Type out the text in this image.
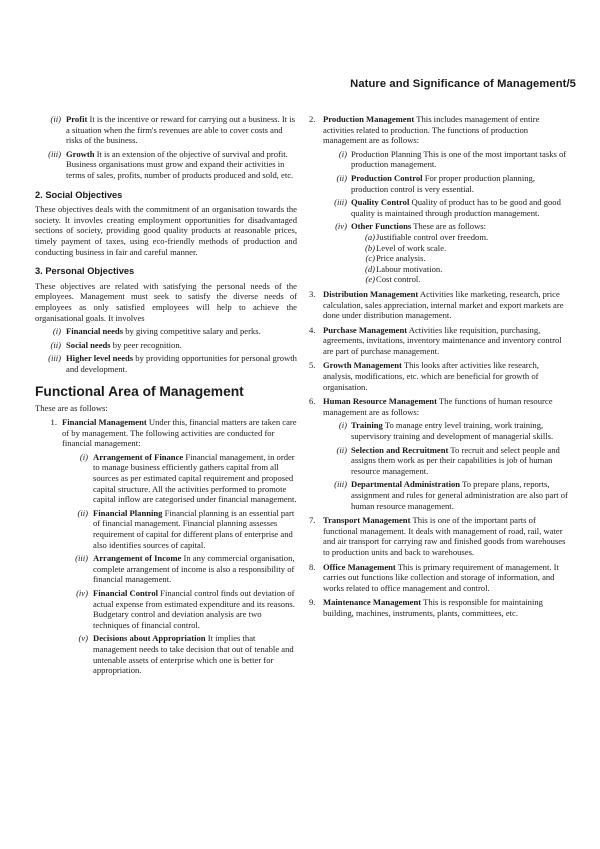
Nature and Significance of Management/5
(ii) Profit It is the incentive or reward for carrying out a business. It is a situation when the firm's revenues are able to cover costs and risks of the business.
(iii) Growth It is an extension of the objective of survival and profit. Business organisations must grow and expand their activities in terms of sales, profits, number of products produced and sold, etc.
2. Social Objectives

These objectives deals with the commitment of an organisation towards the society. It invovles creating employment opportunities for disadvantaged sections of society, providing good quality products at reasonable prices, timely payment of taxes, using eco-friendly methods of production and conducting business in fair and careful manner.

3. Personal Objectives

These objectives are related with satisfying the personal needs of the employees. Management must seek to satisfy the diverse needs of employees as only satisfied employees will help to achieve the organisational goals. It involves

(i) Financial needs by giving competitive salary and perks.
(ii) Social needs by peer recognition.
(iii) Higher level needs by providing opportunities for personal growth and development.
Functional Area of Management

These are as follows:

1. Financial Management Under this, financial matters are taken care of by management. The following activities are conducted for financial management:
(i) Arrangement of Finance Financial management, in order to manage business efficiently gathers capital from all sources as per estimated capital requirement and proposed capital structure. All the activities performed to promote capital inflow are categorised under financial management.
(ii) Financial Planning Financial planning is an essential part of financial management. Financial planning assesses requirement of capital for different plans of enterprise and also identifies sources of capital.
(iii) Arrangement of Income In any commercial organisation, complete arrangement of income is also a responsibility of financial management.
(iv) Financial Control Financial control finds out deviation of actual expense from estimated expenditure and its reasons. Budgetary control and deviation analysis are two techniques of financial control.
(v) Decisions about Appropriation It implies that management needs to take decision that out of tenable and untenable assets of enterprise which one is better for appropriation.
2. Production Management This includes management of entire activities related to production. The functions of production management are as follows:
(i) Production Planning This is one of the most important tasks of production management.
(ii) Production Control For proper production planning, production control is very essential.
(iii) Quality Control Quality of product has to be good and good quality is maintained through production management.
(iv) Other Functions These are as follows:
(a) Justifiable control over freedom.
(b) Level of work scale.
(c) Price analysis.
(d) Labour motivation.
(e) Cost control.
3. Distribution Management Activities like marketing, research, price calculation, sales appreciation, internal market and export markets are done under distribution management.
4. Purchase Management Activities like requisition, purchasing, agreements, invitations, inventory maintenance and inventory control are part of purchase management.
5. Growth Management This looks after activities like research, analysis, modifications, etc. which are beneficial for growth of organisation.
6. Human Resource Management The functions of human resource management are as follows:
(i) Training To manage entry level training, work training, supervisory training and development of managerial skills.
(ii) Selection and Recruitment To recruit and select people and assigns them work as per their capabilities is job of human resource management.
(iii) Departmental Administration To prepare plans, reports, assignment and rules for general administration are also part of human resource management.
7. Transport Management This is one of the important parts of functional management. It deals with management of road, rail, water and air transport for carrying raw and finished goods from warehouses to production units and back to warehouses.
8. Office Management This is primary requirement of management. It carries out functions like collection and storage of information, and works related to office management and control.
9. Maintenance Management This is responsible for maintaining building, machines, instruments, plants, committees, etc.
